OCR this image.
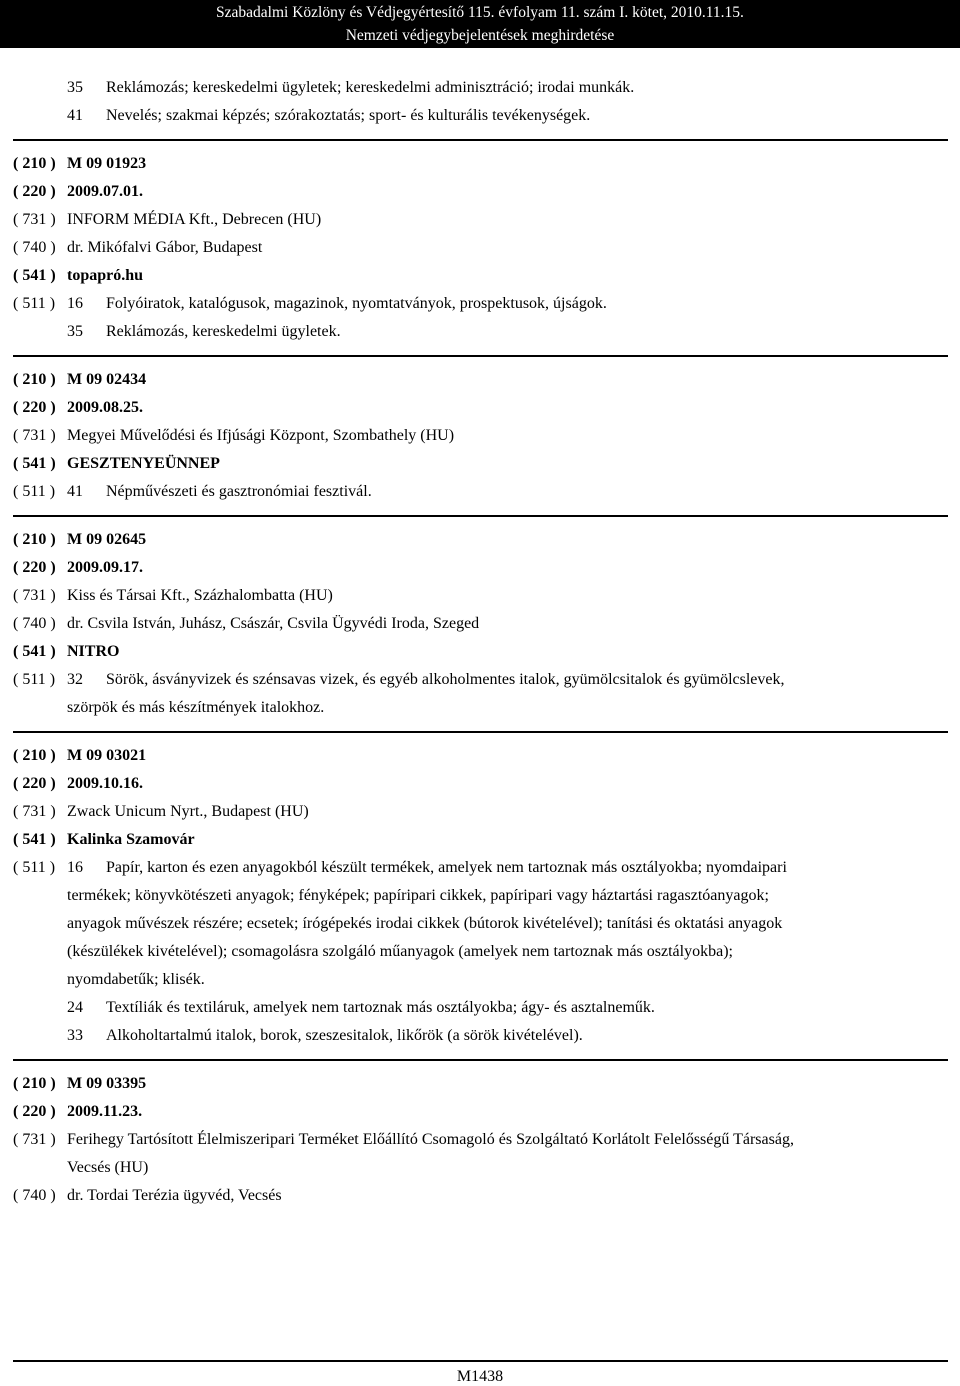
Szabadalmi Közlöny és Védjegyértesítő 115. évfolyam 11. szám I. kötet, 2010.11.15.
Nemzeti védjegybejelentések meghirdetése
35 Reklámozás; kereskedelmi ügyletek; kereskedelmi adminisztráció; irodai munkák.
41 Nevelés; szakmai képzés; szórakoztatás; sport- és kulturális tevékenységek.
( 210 ) M 09 01923
( 220 ) 2009.07.01.
( 731 ) INFORM MÉDIA Kft., Debrecen (HU)
( 740 ) dr. Mikófalvi Gábor, Budapest
( 541 ) topapró.hu
( 511 ) 16 Folyóiratok, katalógusok, magazinok, nyomtatványok, prospektusok, újságok.
35 Reklámozás, kereskedelmi ügyletek.
( 210 ) M 09 02434
( 220 ) 2009.08.25.
( 731 ) Megyei Művelődési és Ifjúsági Központ, Szombathely (HU)
( 541 ) GESZTENYEÜNNEP
( 511 ) 41 Népművészeti és gasztronómiai fesztivál.
( 210 ) M 09 02645
( 220 ) 2009.09.17.
( 731 ) Kiss és Társai Kft., Százhalombatta (HU)
( 740 ) dr. Csvila István, Juhász, Császár, Csvila Ügyvédi Iroda, Szeged
( 541 ) NITRO
( 511 ) 32 Sörök, ásványvizek és szénsavas vizek, és egyéb alkoholmentes italok, gyümölcsitalok és gyümölcslevek,
szörpök és más készítmények italokhoz.
( 210 ) M 09 03021
( 220 ) 2009.10.16.
( 731 ) Zwack Unicum Nyrt., Budapest (HU)
( 541 ) Kalinka Szamovár
( 511 ) 16 Papír, karton és ezen anyagokból készült termékek, amelyek nem tartoznak más osztályokba; nyomdaipari
termékek; könyvkötészeti anyagok; fényképek; papíripari cikkek, papíripari vagy háztartási ragasztóanyagok;
anyagok művészek részére; ecsetek; írógépekés irodai cikkek (bútorok kivételével); tanítási és oktatási anyagok
(készülékek kivételével); csomagolásra szolgáló műanyagok (amelyek nem tartoznak más osztályokba);
nyomdabetűk; klisék.
24 Textíliák és textiláruk, amelyek nem tartoznak más osztályokba; ágy- és asztalneműk.
33 Alkoholtartalmú italok, borok, szeszesitalok, likőrök (a sörök kivételével).
( 210 ) M 09 03395
( 220 ) 2009.11.23.
( 731 ) Ferihegy Tartósított Élelmiszeripari Terméket Előállító Csomagoló és Szolgáltató Korlátolt Felelősségű Társaság,
Vecsés (HU)
( 740 ) dr. Tordai Terézia ügyvéd, Vecsés
M1438
